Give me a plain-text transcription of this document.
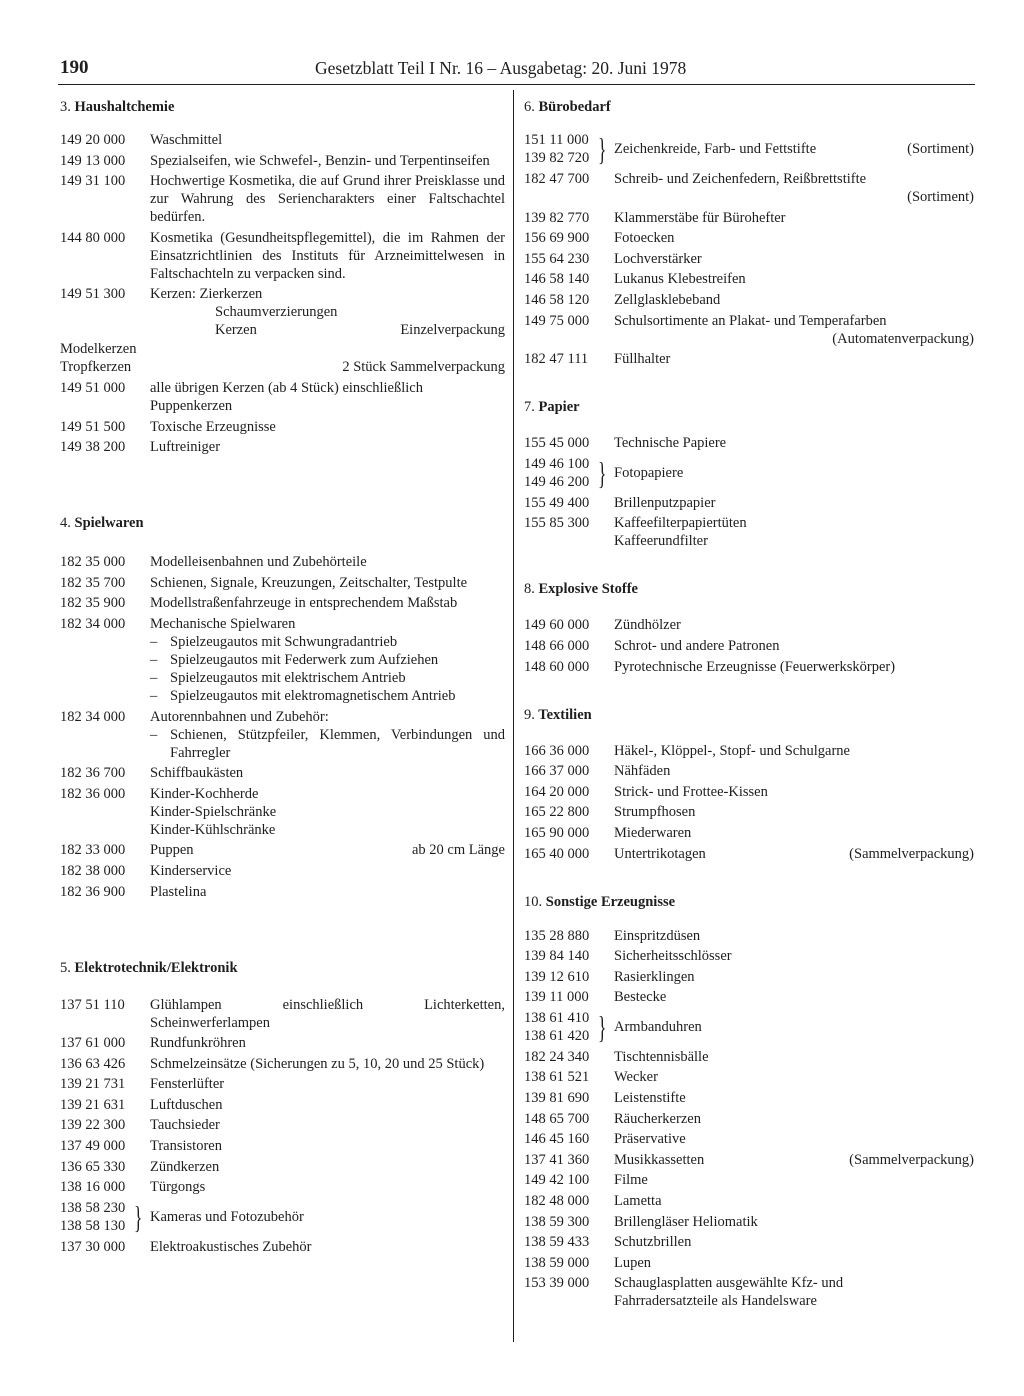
190	Gesetzblatt Teil I Nr. 16 – Ausgabetag: 20. Juni 1978
3. Haushaltchemie
149 20 000	Waschmittel
149 13 000	Spezialseifen, wie Schwefel-, Benzin- und Terpentinseifen
149 31 100	Hochwertige Kosmetika, die auf Grund ihrer Preisklasse und zur Wahrung des Seriencharakters einer Faltschachtel bedürfen.
144 80 000	Kosmetika (Gesundheitspflegemittel), die im Rahmen der Einsatzrichtlinien des Instituts für Arzneimittelwesen in Faltschachteln zu verpacken sind.
149 51 300	Kerzen: Zierkerzen
Schaumverzierungen
Kerzen	Einzelverpackung
Modelkerzen
Tropfkerzen	2 Stück Sammelverpackung
149 51 000	alle übrigen Kerzen (ab 4 Stück) einschließlich Puppenkerzen
149 51 500	Toxische Erzeugnisse
149 38 200	Luftreiniger
4. Spielwaren
182 35 000	Modelleisenbahnen und Zubehörteile
182 35 700	Schienen, Signale, Kreuzungen, Zeitschalter, Testpulte
182 35 900	Modellstraßenfahrzeuge in entsprechendem Maßstab
182 34 000	Mechanische Spielwaren
– Spielzeugautos mit Schwungradantrieb
– Spielzeugautos mit Federwerk zum Aufziehen
– Spielzeugautos mit elektrischem Antrieb
– Spielzeugautos mit elektromagnetischem Antrieb
182 34 000	Autorennbahnen und Zubehör:
– Schienen, Stützpfeiler, Klemmen, Verbindungen und Fahrregler
182 36 700	Schiffbaukästen
182 36 000	Kinder-Kochherde
Kinder-Spielschränke
Kinder-Kühlschränke
182 33 000	Puppen	ab 20 cm Länge
182 38 000	Kinderservice
182 36 900	Plastelina
5. Elektrotechnik/Elektronik
137 51 110	Glühlampen einschließlich Lichterketten, Scheinwerferlampen
137 61 000	Rundfunkröhren
136 63 426	Schmelzeinsätze (Sicherungen zu 5, 10, 20 und 25 Stück)
139 21 731	Fensterlüfter
139 21 631	Luftduschen
139 22 300	Tauchsieder
137 49 000	Transistoren
136 65 330	Zündkerzen
138 16 000	Türgongs
138 58 230
138 58 130 } Kameras und Fotozubehör
137 30 000	Elektroakustisches Zubehör
6. Bürobedarf
151 11 000
139 82 720 } Zeichenkreide, Farb- und Fettstifte	(Sortiment)
182 47 700	Schreib- und Zeichenfedern, Reißbrettstifte
(Sortiment)
139 82 770	Klammerstäbe für Bürohefter
156 69 900	Fotoecken
155 64 230	Lochverstärker
146 58 140	Lukanus Klebestreifen
146 58 120	Zellglasklebeband
149 75 000	Schulsortimente an Plakat- und Temperafarben
(Automatenverpackung)
182 47 111	Füllhalter
7. Papier
155 45 000	Technische Papiere
149 46 100
149 46 200 } Fotopapiere
155 49 400	Brillenputzpapier
155 85 300	Kaffeefilterpapiertüten
Kaffeerundfilter
8. Explosive Stoffe
149 60 000	Zündhölzer
148 66 000	Schrot- und andere Patronen
148 60 000	Pyrotechnische Erzeugnisse (Feuerwerkskörper)
9. Textilien
166 36 000	Häkel-, Klöppel-, Stopf- und Schulgarne
166 37 000	Nähfäden
164 20 000	Strick- und Frottee-Kissen
165 22 800	Strumpfhosen
165 90 000	Miederwaren
165 40 000	Untertrikotagen	(Sammelverpackung)
10. Sonstige Erzeugnisse
135 28 880	Einspritzdüsen
139 84 140	Sicherheitsschlösser
139 12 610	Rasierklingen
139 11 000	Bestecke
138 61 410
138 61 420 } Armbanduhren
182 24 340	Tischtennisbälle
138 61 521	Wecker
139 81 690	Leistenstifte
148 65 700	Räucherkerzen
146 45 160	Präservative
137 41 360	Musikkassetten	(Sammelverpackung)
149 42 100	Filme
182 48 000	Lametta
138 59 300	Brillengläser Heliomatik
138 59 433	Schutzbrillen
138 59 000	Lupen
153 39 000	Schauglasplatten ausgewählte Kfz- und Fahrradersatzteile als Handelsware
